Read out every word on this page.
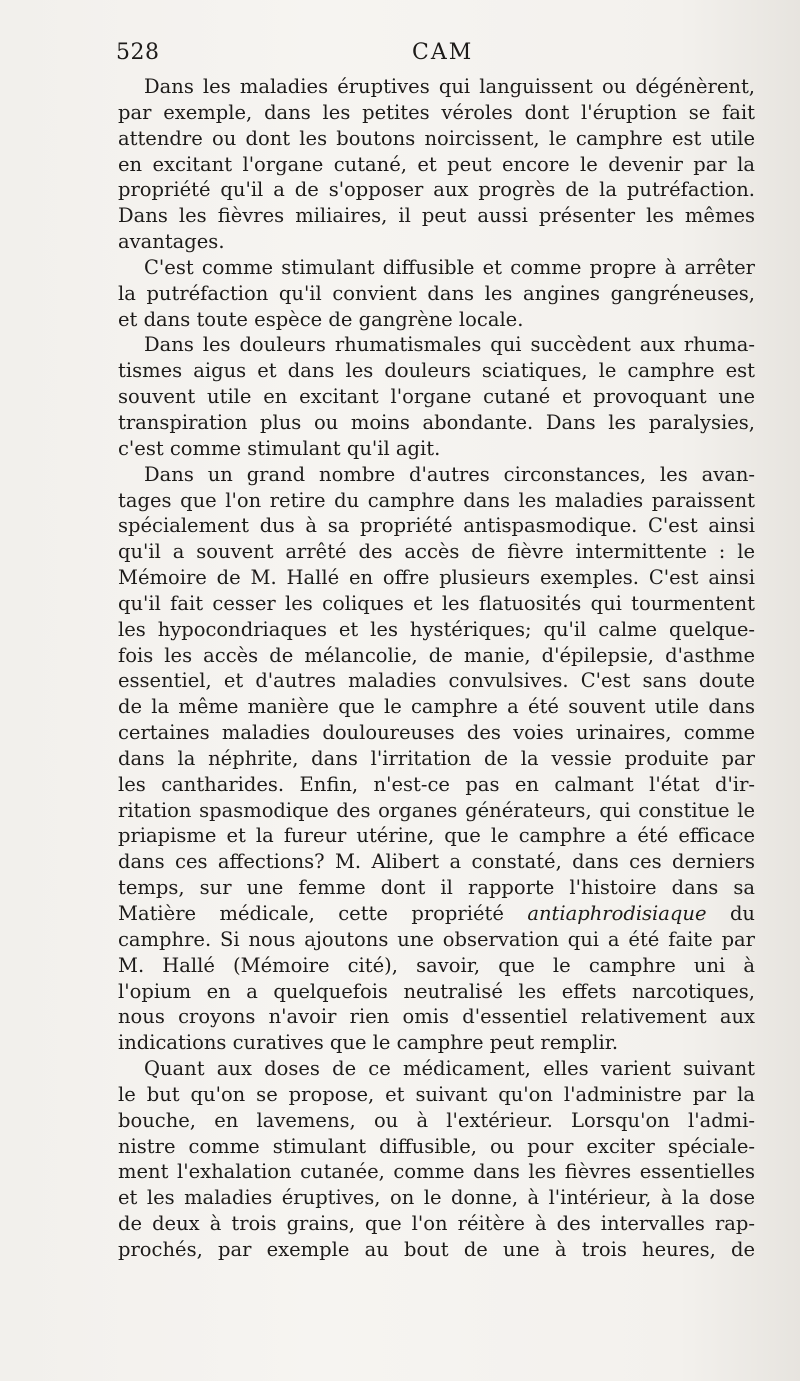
528	CAM
Dans les maladies éruptives qui languissent ou dégénèrent,
par exemple, dans les petites véroles dont l'éruption se fait
attendre ou dont les boutons noircissent, le camphre est utile
en excitant l'organe cutané, et peut encore le devenir par la
propriété qu'il a de s'opposer aux progrès de la putréfaction.
Dans les fièvres miliaires, il peut aussi présenter les mêmes
avantages.
C'est comme stimulant diffusible et comme propre à arrêter
la putréfaction qu'il convient dans les angines gangréneuses,
et dans toute espèce de gangrène locale.
Dans les douleurs rhumatismales qui succèdent aux rhuma-
tismes aigus et dans les douleurs sciatiques, le camphre est
souvent utile en excitant l'organe cutané et provoquant une
transpiration plus ou moins abondante. Dans les paralysies,
c'est comme stimulant qu'il agit.
Dans un grand nombre d'autres circonstances, les avan-
tages que l'on retire du camphre dans les maladies paraissent
spécialement dus à sa propriété antispasmodique. C'est ainsi
qu'il a souvent arrêté des accès de fièvre intermittente : le
Mémoire de M. Hallé en offre plusieurs exemples. C'est ainsi
qu'il fait cesser les coliques et les flatuosités qui tourmentent
les hypocondriaques et les hystériques; qu'il calme quelque-
fois les accès de mélancolie, de manie, d'épilepsie, d'asthme
essentiel, et d'autres maladies convulsives. C'est sans doute
de la même manière que le camphre a été souvent utile dans
certaines maladies douloureuses des voies urinaires, comme
dans la néphrite, dans l'irritation de la vessie produite par
les cantharides. Enfin, n'est-ce pas en calmant l'état d'ir-
ritation spasmodique des organes générateurs, qui constitue le
priapisme et la fureur utérine, que le camphre a été efficace
dans ces affections? M. Alibert a constaté, dans ces derniers
temps, sur une femme dont il rapporte l'histoire dans sa
Matière médicale, cette propriété antiaphrodisiaque du
camphre. Si nous ajoutons une observation qui a été faite par
M. Hallé (Mémoire cité), savoir, que le camphre uni à
l'opium en a quelquefois neutralisé les effets narcotiques,
nous croyons n'avoir rien omis d'essentiel relativement aux
indications curatives que le camphre peut remplir.
Quant aux doses de ce médicament, elles varient suivant
le but qu'on se propose, et suivant qu'on l'administre par la
bouche, en lavemens, ou à l'extérieur. Lorsqu'on l'admi-
nistre comme stimulant diffusible, ou pour exciter spéciale-
ment l'exhalation cutanée, comme dans les fièvres essentielles
et les maladies éruptives, on le donne, à l'intérieur, à la dose
de deux à trois grains, que l'on réitère à des intervalles rap-
prochés, par exemple au bout de une à trois heures, de
